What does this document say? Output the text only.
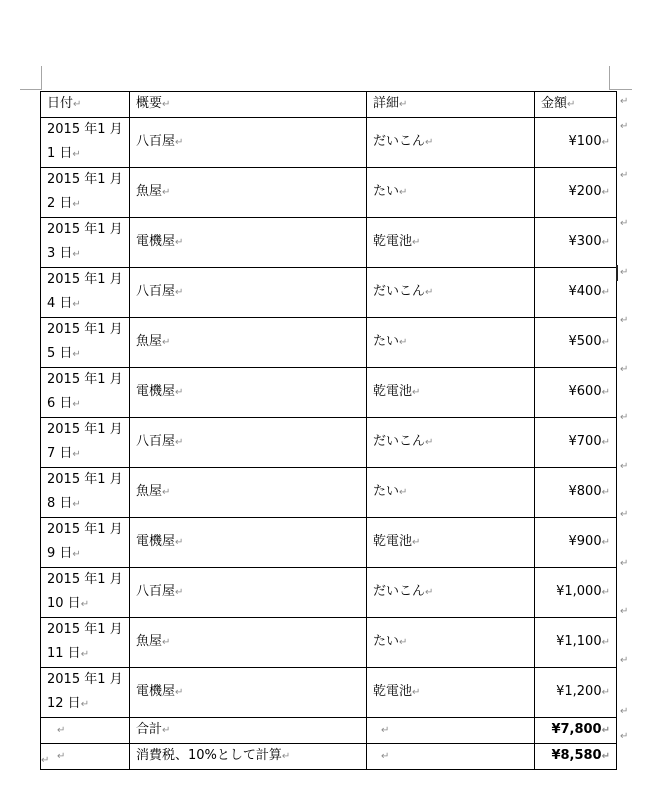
日付↵	概要↵	詳細↵	金額↵

2015 年1 月
1 日↵	八百屋↵	だいこん↵	¥100↵

2015 年1 月
2 日↵	魚屋↵	たい↵	¥200↵

2015 年1 月
3 日↵	電機屋↵	乾電池↵	¥300↵

2015 年1 月
4 日↵	八百屋↵	だいこん↵	¥400↵

2015 年1 月
5 日↵	魚屋↵	たい↵	¥500↵

2015 年1 月
6 日↵	電機屋↵	乾電池↵	¥600↵

2015 年1 月
7 日↵	八百屋↵	だいこん↵	¥700↵

2015 年1 月
8 日↵	魚屋↵	たい↵	¥800↵

2015 年1 月
9 日↵	電機屋↵	乾電池↵	¥900↵

2015 年1 月
10 日↵	八百屋↵	だいこん↵	¥1,000↵

2015 年1 月
11 日↵	魚屋↵	たい↵	¥1,100↵

2015 年1 月
12 日↵	電機屋↵	乾電池↵	¥1,200↵
↵	合計↵	↵	¥7,800↵
↵	消費税、10%として計算↵	↵	¥8,580↵
↵
↵
↵
↵
↵
↵
↵
↵
↵
↵
↵
↵
↵
↵
↵
↵
